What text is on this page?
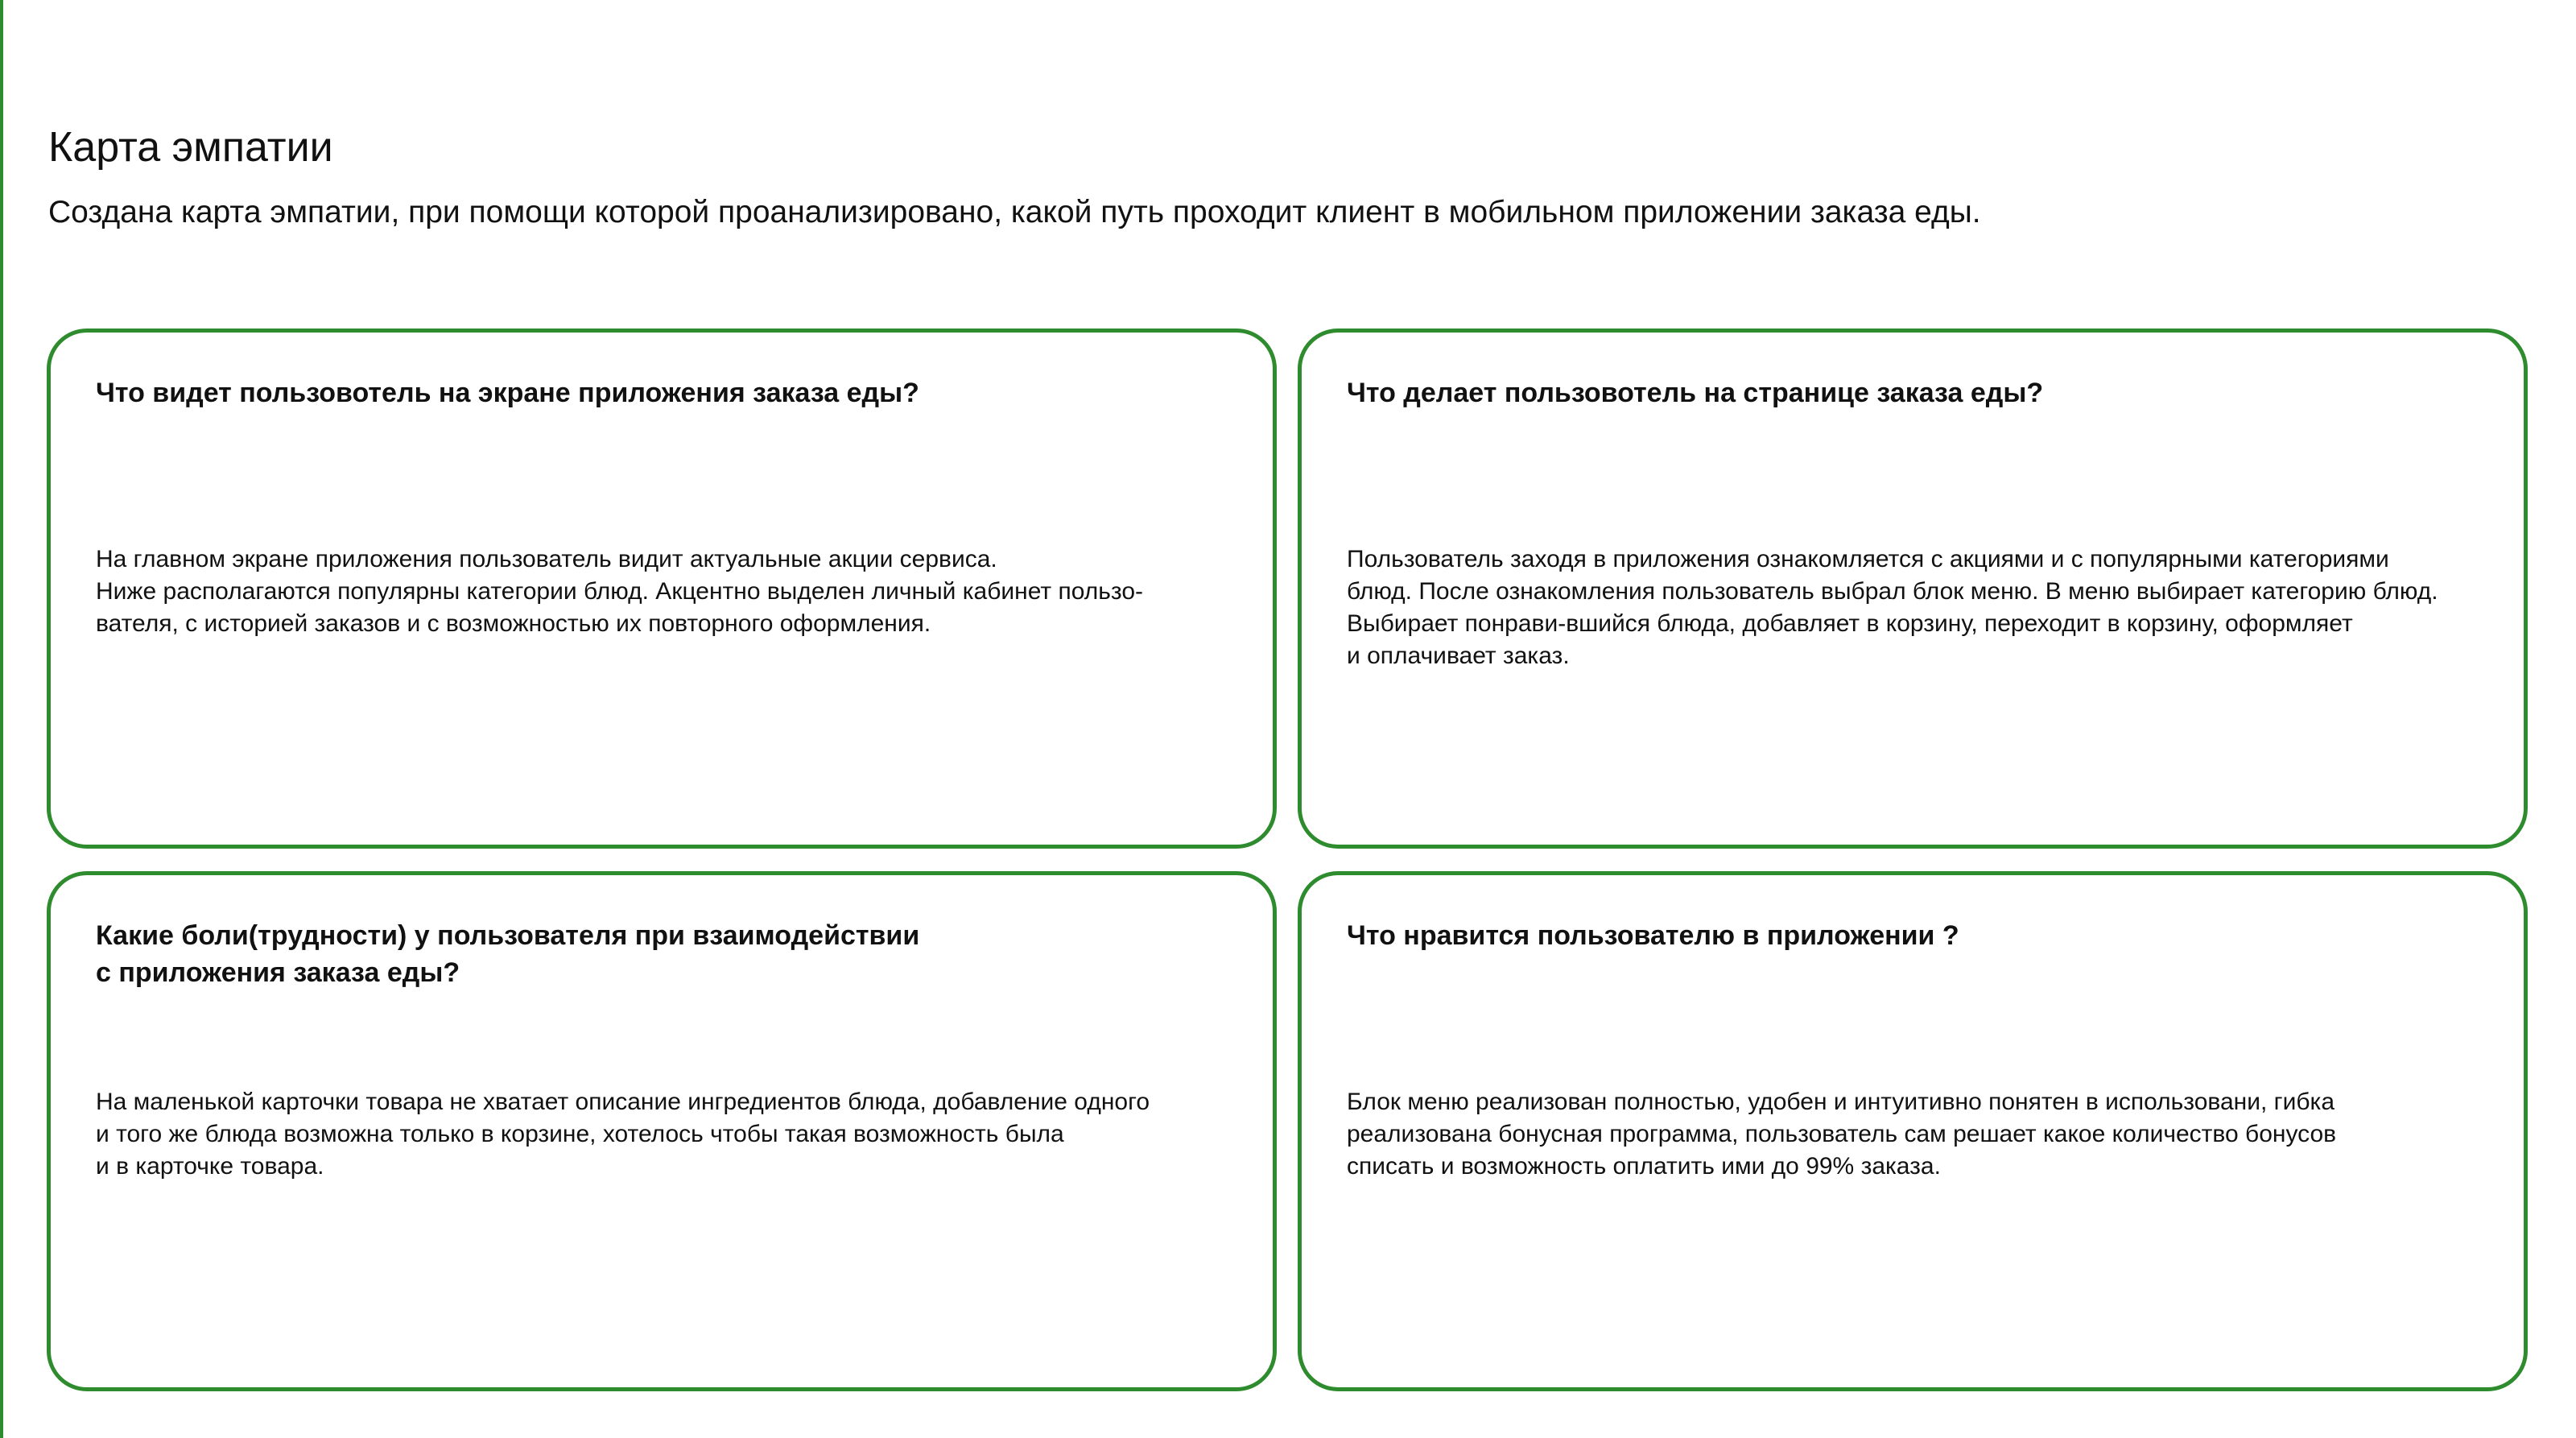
Карта эмпатии

Создана карта эмпатии, при помощи которой проанализировано, какой путь проходит клиент в мобильном приложении заказа еды.

Что видет пользовотель на экране приложения заказа еды?

На главном экране приложения пользователь видит актуальные акции сервиса.
Ниже располагаются популярны категории блюд. Акцентно выделен личный кабинет пользо-
вателя, с историей заказов и с возможностью их повторного оформления.

Что делает пользовотель на странице заказа еды?

Пользователь заходя в приложения ознакомляется с акциями и с популярными категориями
блюд. После ознакомления пользователь выбрал блок меню. В меню выбирает категорию блюд.
Выбирает понрави-вшийся блюда, добавляет в корзину, переходит в корзину, оформляет
и оплачивает заказ.

Какие боли(трудности) у пользователя при взаимодействии
с приложения заказа еды?

На маленькой карточки товара не хватает описание ингредиентов блюда, добавление одного
и того же блюда возможна только в корзине, хотелось чтобы такая возможность была
и в карточке товара.

Что нравится пользователю в приложении ?

Блок меню реализован полностью, удобен и интуитивно понятен в использовани, гибка
реализована бонусная программа, пользователь сам решает какое количество бонусов
списать и возможность оплатить ими до 99% заказа.
